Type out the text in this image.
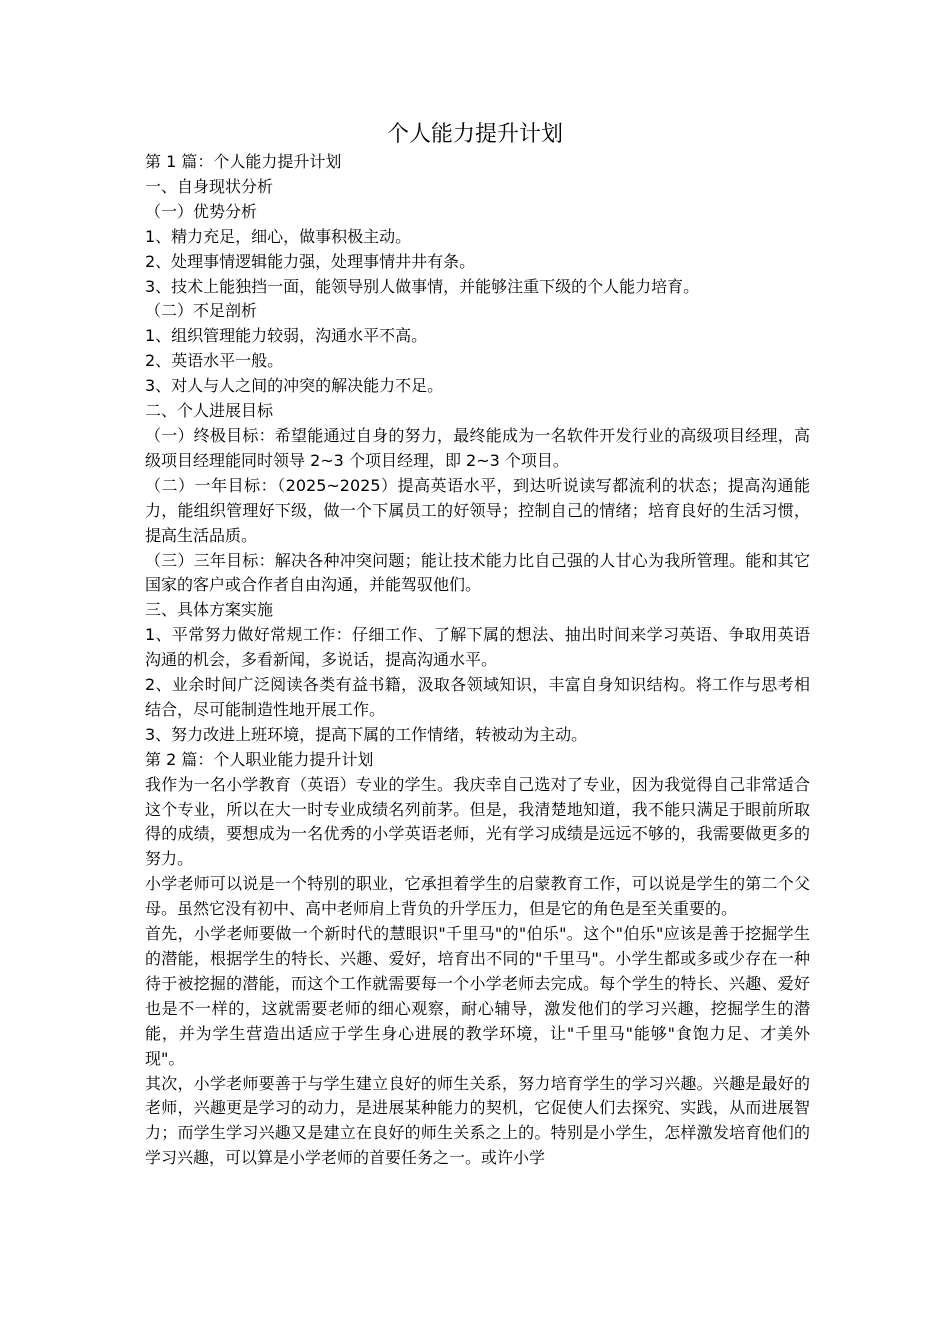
个人能力提升计划

第 1 篇：个人能力提升计划

一、自身现状分析

（一）优势分析

1、精力充足，细心，做事积极主动。

2、处理事情逻辑能力强，处理事情井井有条。

3、技术上能独挡一面，能领导别人做事情，并能够注重下级的个人能力培育。

（二）不足剖析

1、组织管理能力较弱，沟通水平不高。

2、英语水平一般。

3、对人与人之间的冲突的解决能力不足。

二、个人进展目标

（一）终极目标：希望能通过自身的努力，最终能成为一名软件开发行业的高级项目经理，高级项目经理能同时领导 2~3 个项目经理，即 2~3 个项目。

（二）一年目标：（2025~2025）提高英语水平，到达听说读写都流利的状态；提高沟通能力，能组织管理好下级，做一个下属员工的好领导；控制自己的情绪；培育良好的生活习惯，提高生活品质。

（三）三年目标：解决各种冲突问题；能让技术能力比自己强的人甘心为我所管理。能和其它国家的客户或合作者自由沟通，并能驾驭他们。

三、具体方案实施

1、平常努力做好常规工作：仔细工作、了解下属的想法、抽出时间来学习英语、争取用英语沟通的机会，多看新闻，多说话，提高沟通水平。

2、业余时间广泛阅读各类有益书籍，汲取各领域知识，丰富自身知识结构。将工作与思考相结合，尽可能制造性地开展工作。

3、努力改进上班环境，提高下属的工作情绪，转被动为主动。

第 2 篇：个人职业能力提升计划

我作为一名小学教育（英语）专业的学生。我庆幸自己选对了专业，因为我觉得自己非常适合这个专业，所以在大一时专业成绩名列前茅。但是，我清楚地知道，我不能只满足于眼前所取得的成绩，要想成为一名优秀的小学英语老师，光有学习成绩是远远不够的，我需要做更多的努力。

小学老师可以说是一个特别的职业，它承担着学生的启蒙教育工作，可以说是学生的第二个父母。虽然它没有初中、高中老师肩上背负的升学压力，但是它的角色是至关重要的。

首先，小学老师要做一个新时代的慧眼识"千里马"的"伯乐"。这个"伯乐"应该是善于挖掘学生的潜能，根据学生的特长、兴趣、爱好，培育出不同的"千里马"。小学生都或多或少存在一种待于被挖掘的潜能，而这个工作就需要每一个小学老师去完成。每个学生的特长、兴趣、爱好也是不一样的，这就需要老师的细心观察，耐心辅导，激发他们的学习兴趣，挖掘学生的潜能，并为学生营造出适应于学生身心进展的教学环境，让"千里马"能够"食饱力足、才美外现"。

其次，小学老师要善于与学生建立良好的师生关系，努力培育学生的学习兴趣。兴趣是最好的老师，兴趣更是学习的动力，是进展某种能力的契机，它促使人们去探究、实践，从而进展智力；而学生学习兴趣又是建立在良好的师生关系之上的。特别是小学生，怎样激发培育他们的学习兴趣，可以算是小学老师的首要任务之一。或许小学
